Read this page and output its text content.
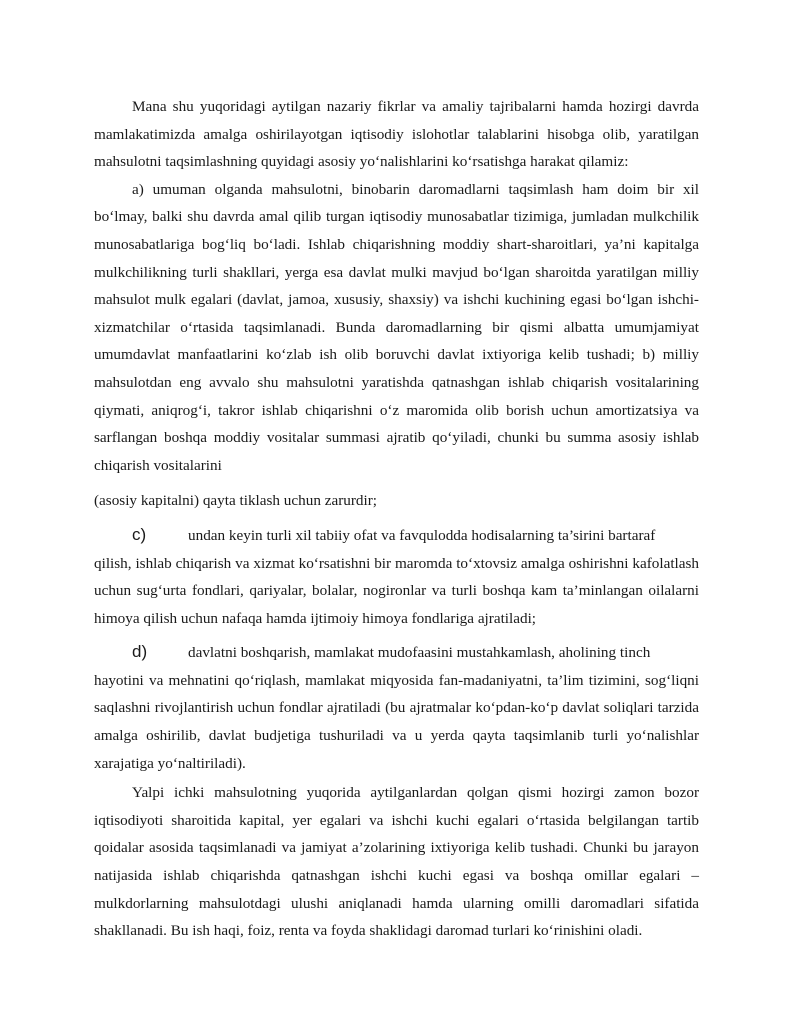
Mana shu yuqoridagi aytilgan nazariy fikrlar va amaliy tajribalarni hamda hozirgi davrda mamlakatimizda amalga oshirilayotgan iqtisodiy islohotlar talablarini hisobga olib, yaratilgan mahsulotni taqsimlashning quyidagi asosiy yo‘nalishlarini ko‘rsatishga harakat qilamiz:

a) umuman olganda mahsulotni, binobarin daromadlarni taqsimlash ham doim bir xil bo‘lmay, balki shu davrda amal qilib turgan iqtisodiy munosabatlar tizimiga, jumladan mulkchilik munosabatlariga bog‘liq bo‘ladi. Ishlab chiqarishning moddiy shart-sharoitlari, ya’ni kapitalga mulkchilikning turli shakllari, yerga esa davlat mulki mavjud bo‘lgan sharoitda yaratilgan milliy mahsulot mulk egalari (davlat, jamoa, xususiy, shaxsiy) va ishchi kuchining egasi bo‘lgan ishchi-xizmatchilar o‘rtasida taqsimlanadi. Bunda daromadlarning bir qismi albatta umumjamiyat umumdavlat manfaatlarini ko‘zlab ish olib boruvchi davlat ixtiyoriga kelib tushadi; b) milliy mahsulotdan eng avvalo shu mahsulotni yaratishda qatnashgan ishlab chiqarish vositalarining qiymati, aniqrog‘i, takror ishlab chiqarishni o‘z maromida olib borish uchun amortizatsiya va sarflangan boshqa moddiy vositalar summasi ajratib qo‘yiladi, chunki bu summa asosiy ishlab chiqarish vositalarini

(asosiy kapitalni) qayta tiklash uchun zarurdir;

c)	undan keyin turli xil tabiiy ofat va favqulodda hodisalarning ta’sirini bartaraf
qilish, ishlab chiqarish va xizmat ko‘rsatishni bir maromda to‘xtovsiz amalga oshirishni kafolatlash uchun sug‘urta fondlari, qariyalar, bolalar, nogironlar va turli boshqa kam ta’minlangan oilalarni himoya qilish uchun nafaqa hamda ijtimoiy himoya fondlariga ajratiladi;
d)	davlatni boshqarish, mamlakat mudofaasini mustahkamlash, aholining tinch
hayotini va mehnatini qo‘riqlash, mamlakat miqyosida fan-madaniyatni, ta’lim tizimini, sog‘liqni saqlashni rivojlantirish uchun fondlar ajratiladi (bu ajratmalar ko‘pdan-ko‘p davlat soliqlari tarzida amalga oshirilib, davlat budjetiga tushuriladi va u yerda qayta taqsimlanib turli yo‘nalishlar xarajatiga yo‘naltiriladi).

Yalpi ichki mahsulotning yuqorida aytilganlardan qolgan qismi hozirgi zamon bozor iqtisodiyoti sharoitida kapital, yer egalari va ishchi kuchi egalari o‘rtasida belgilangan tartib qoidalar asosida taqsimlanadi va jamiyat a’zolarining ixtiyoriga kelib tushadi. Chunki bu jarayon natijasida ishlab chiqarishda qatnashgan ishchi kuchi egasi va boshqa omillar egalari – mulkdorlarning mahsulotdagi ulushi aniqlanadi hamda ularning omilli daromadlari sifatida shakllanadi. Bu ish haqi, foiz, renta va foyda shaklidagi daromad turlari ko‘rinishini oladi.
